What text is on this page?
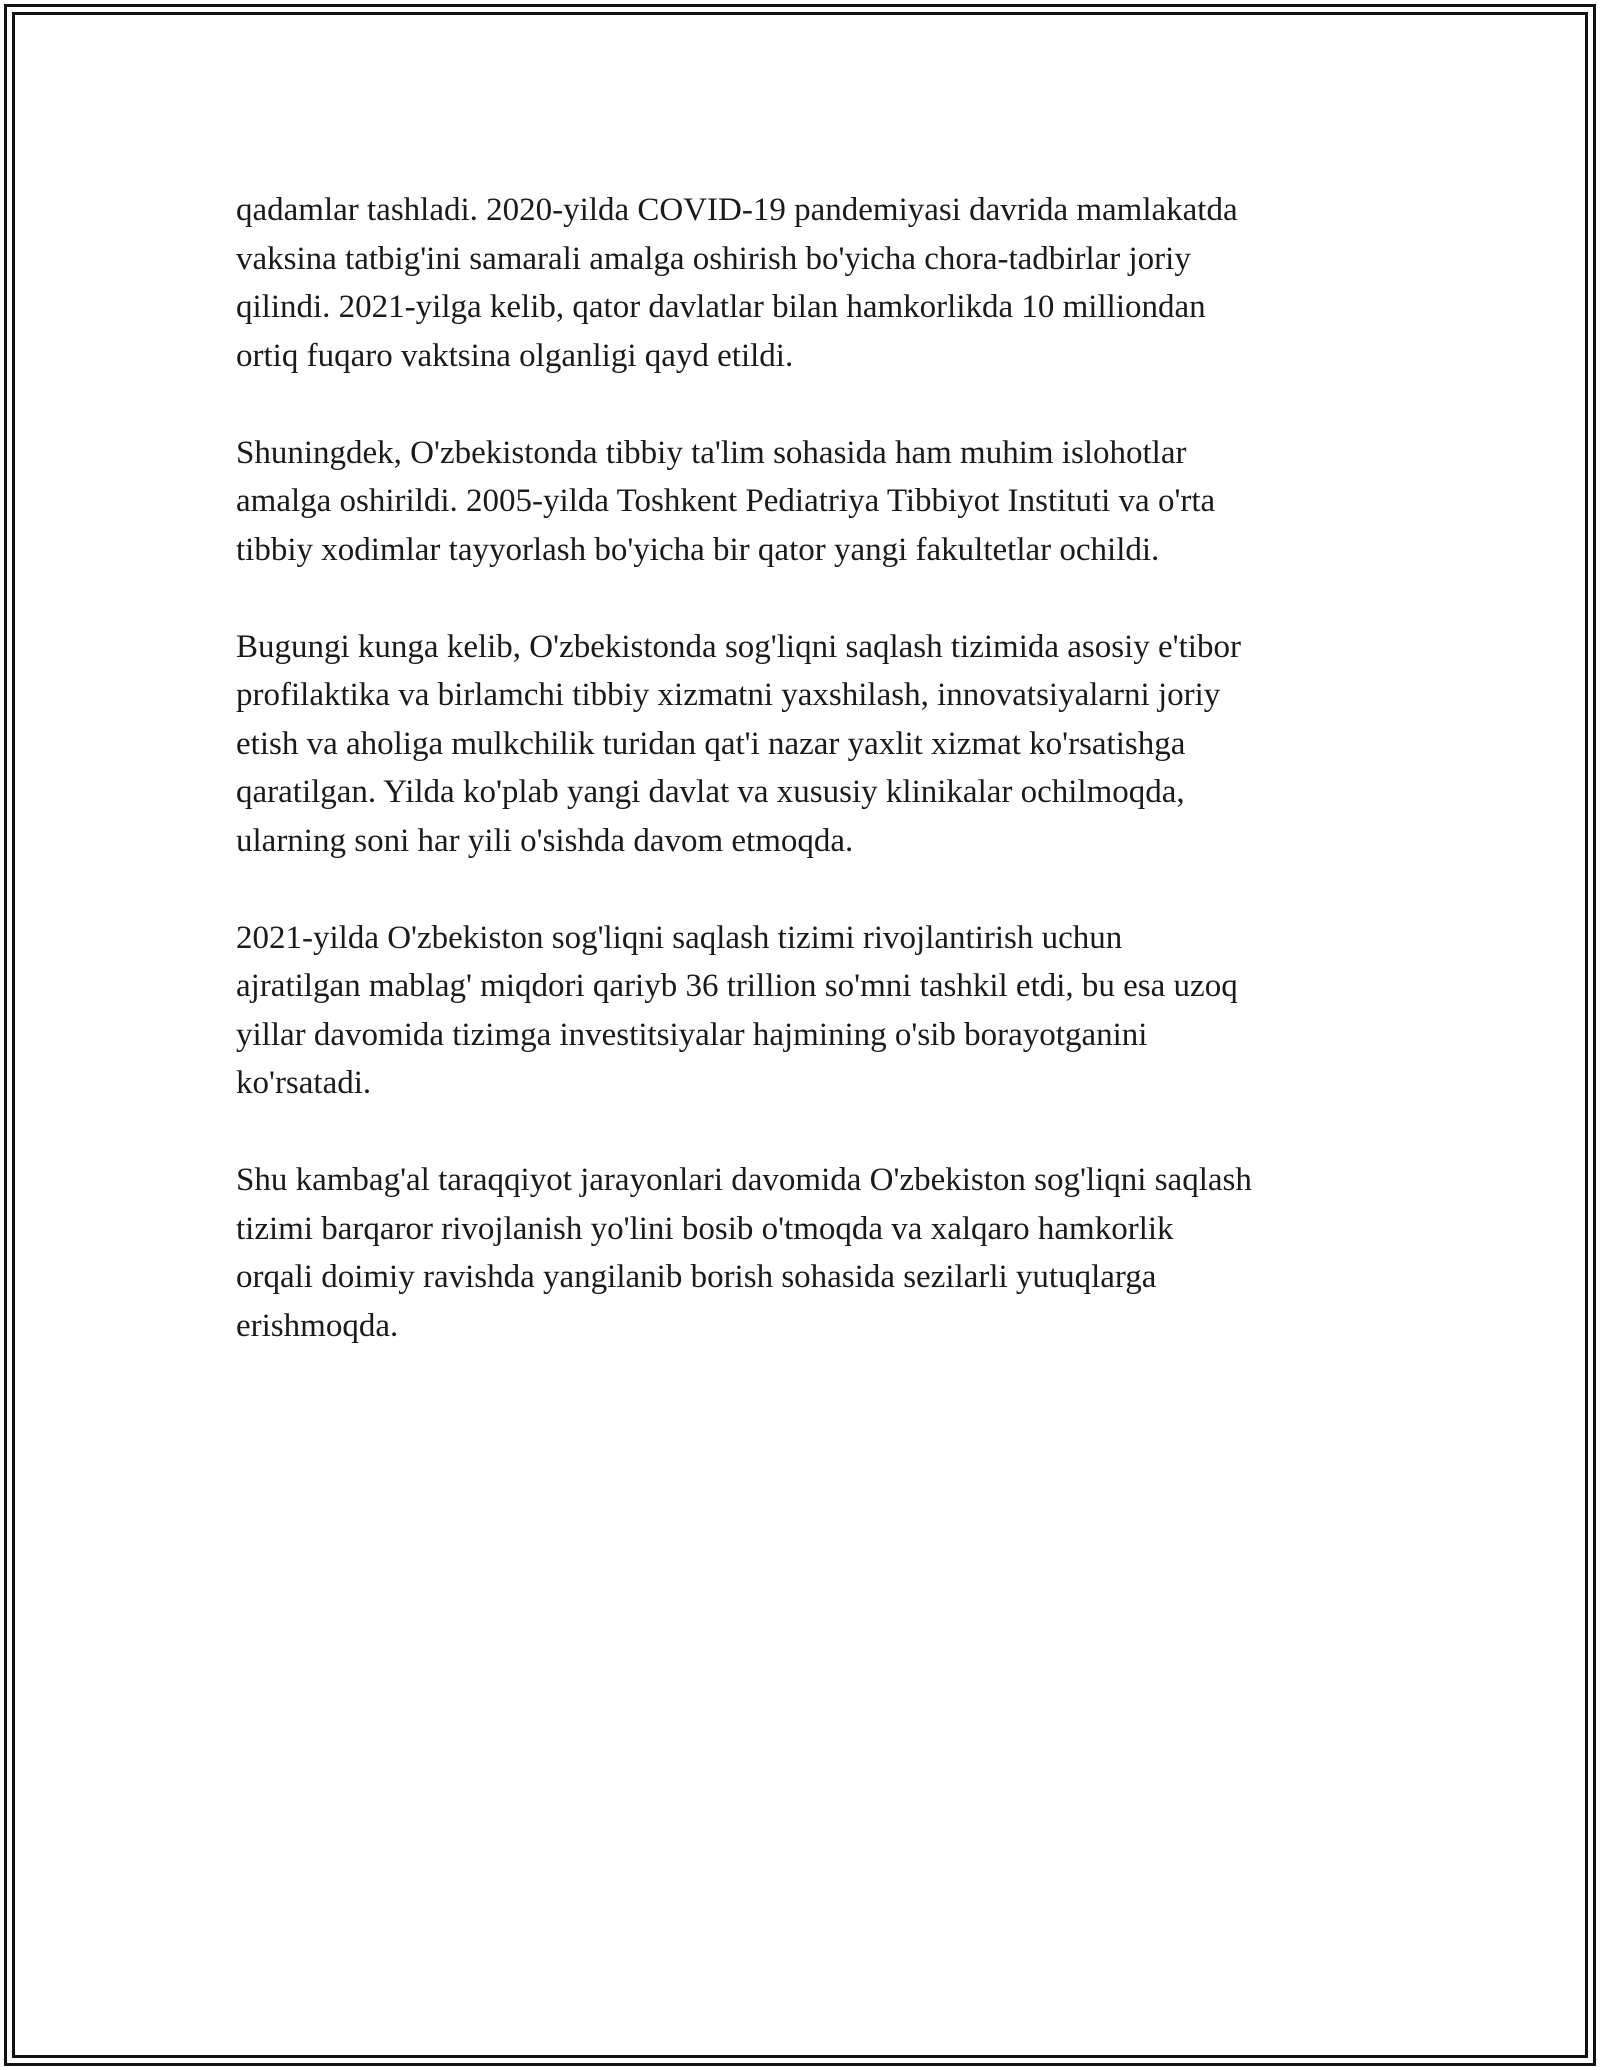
qadamlar tashladi. 2020-yilda COVID-19 pandemiyasi davrida mamlakatda
vaksina tatbig'ini samarali amalga oshirish bo'yicha chora-tadbirlar joriy
qilindi. 2021-yilga kelib, qator davlatlar bilan hamkorlikda 10 milliondan
ortiq fuqaro vaktsina olganligi qayd etildi.

Shuningdek, O'zbekistonda tibbiy ta'lim sohasida ham muhim islohotlar
amalga oshirildi. 2005-yilda Toshkent Pediatriya Tibbiyot Instituti va o'rta
tibbiy xodimlar tayyorlash bo'yicha bir qator yangi fakultetlar ochildi.

Bugungi kunga kelib, O'zbekistonda sog'liqni saqlash tizimida asosiy e'tibor
profilaktika va birlamchi tibbiy xizmatni yaxshilash, innovatsiyalarni joriy
etish va aholiga mulkchilik turidan qat'i nazar yaxlit xizmat ko'rsatishga
qaratilgan. Yilda ko'plab yangi davlat va xususiy klinikalar ochilmoqda,
ularning soni har yili o'sishda davom etmoqda.

2021-yilda O'zbekiston sog'liqni saqlash tizimi rivojlantirish uchun
ajratilgan mablag' miqdori qariyb 36 trillion so'mni tashkil etdi, bu esa uzoq
yillar davomida tizimga investitsiyalar hajmining o'sib borayotganini
ko'rsatadi.

Shu kambag'al taraqqiyot jarayonlari davomida O'zbekiston sog'liqni saqlash
tizimi barqaror rivojlanish yo'lini bosib o'tmoqda va xalqaro hamkorlik
orqali doimiy ravishda yangilanib borish sohasida sezilarli yutuqlarga
erishmoqda.
